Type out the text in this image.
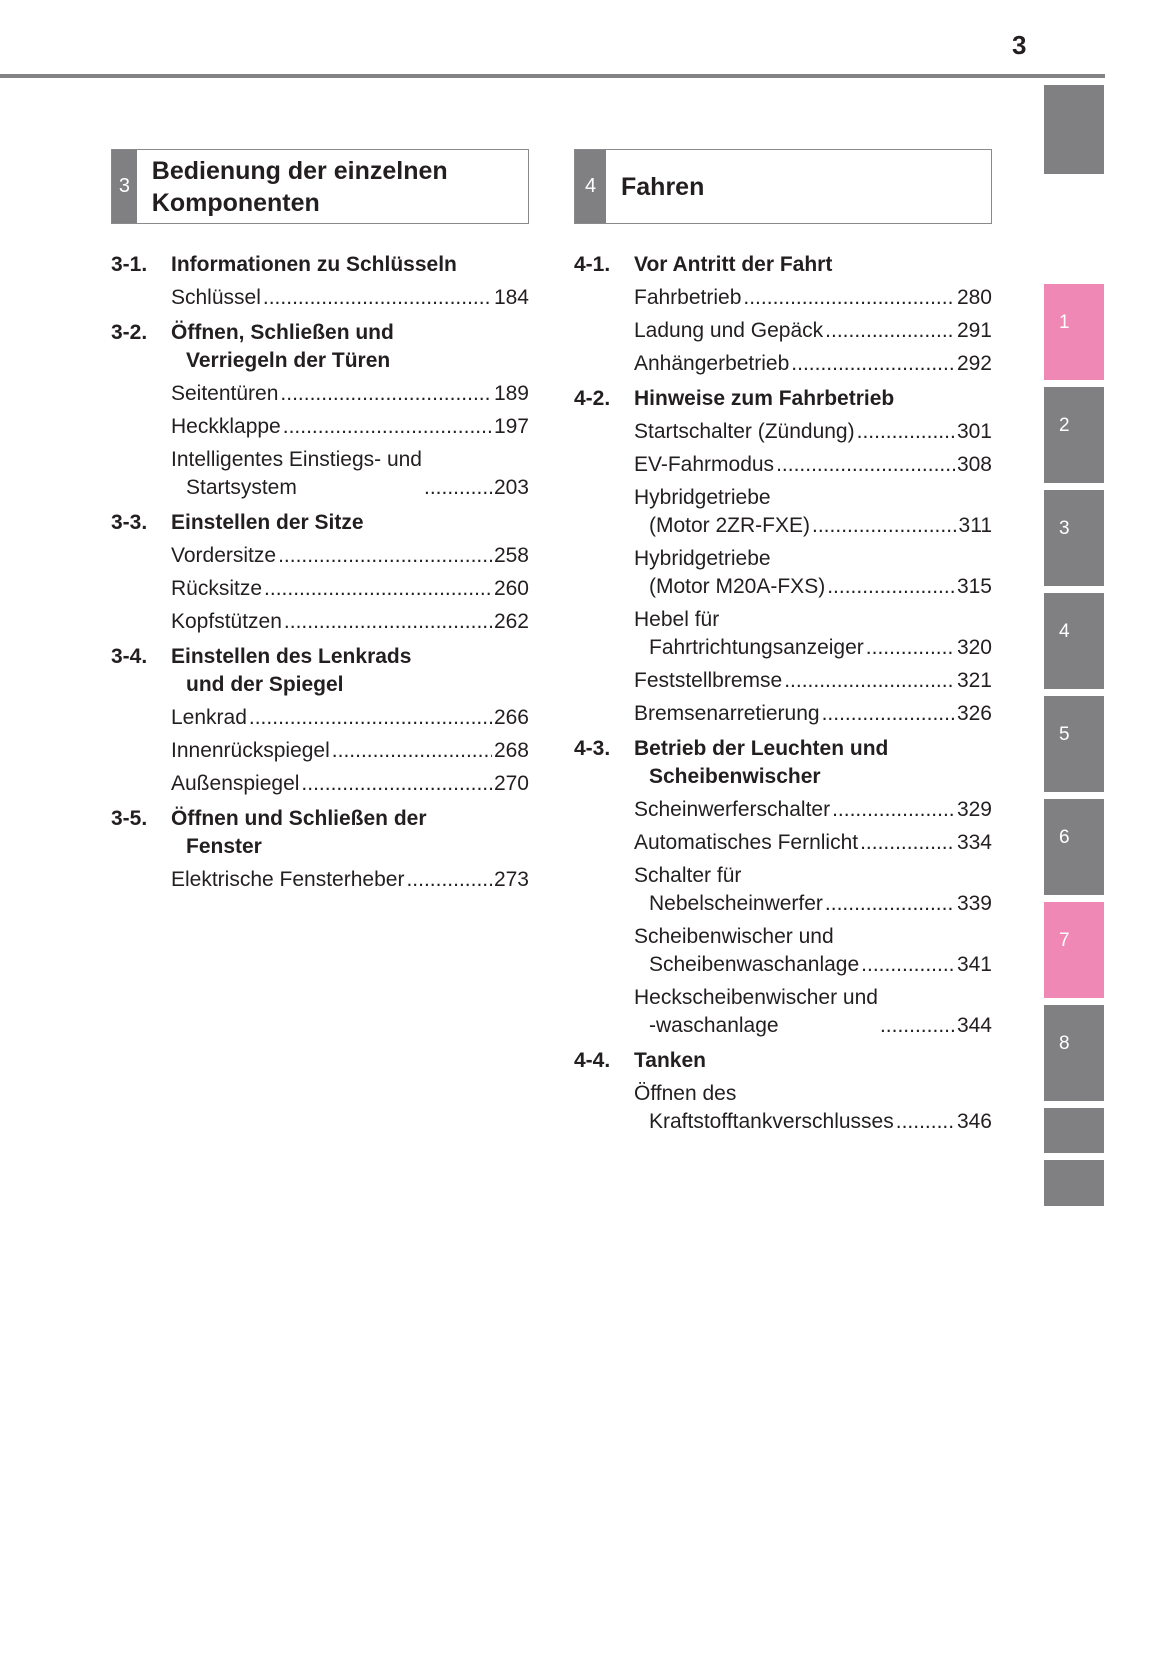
3
1
2
3
4
5
6
7
8
3
Bedienung der einzelnen Komponenten
3-1.	Informationen zu Schlüsseln
Schlüssel .....	184
3-2.	Öffnen, Schließen und
Verriegeln der Türen
Seitentüren .....	189
Heckklappe .....	197
Intelligentes Einstiegs- und
Startsystem .....	203
3-3.	Einstellen der Sitze
Vordersitze .....	258
Rücksitze .....	260
Kopfstützen .....	262
3-4.	Einstellen des Lenkrads
und der Spiegel
Lenkrad .....	266
Innenrückspiegel .....	268
Außenspiegel .....	270
3-5.	Öffnen und Schließen der
Fenster
Elektrische Fensterheber .....	273
4 Fahren
4-1.	Vor Antritt der Fahrt
Fahrbetrieb .....	280
Ladung und Gepäck .....	291
Anhängerbetrieb .....	292
4-2.	Hinweise zum Fahrbetrieb
Startschalter (Zündung) .....	301
EV-Fahrmodus .....	308
Hybridgetriebe
(Motor 2ZR-FXE) .....	311
Hybridgetriebe
(Motor M20A-FXS) .....	315
Hebel für
Fahrtrichtungsanzeiger .....	320
Feststellbremse .....	321
Bremsenarretierung .....	326
4-3.	Betrieb der Leuchten und
Scheibenwischer
Scheinwerferschalter .....	329
Automatisches Fernlicht .....	334
Schalter für
Nebelscheinwerfer .....	339
Scheibenwischer und
Scheibenwaschanlage .....	341
Heckscheibenwischer und
-waschanlage .....	344
4-4.	Tanken
Öffnen des
Kraftstofftankverschlusses .....	346
